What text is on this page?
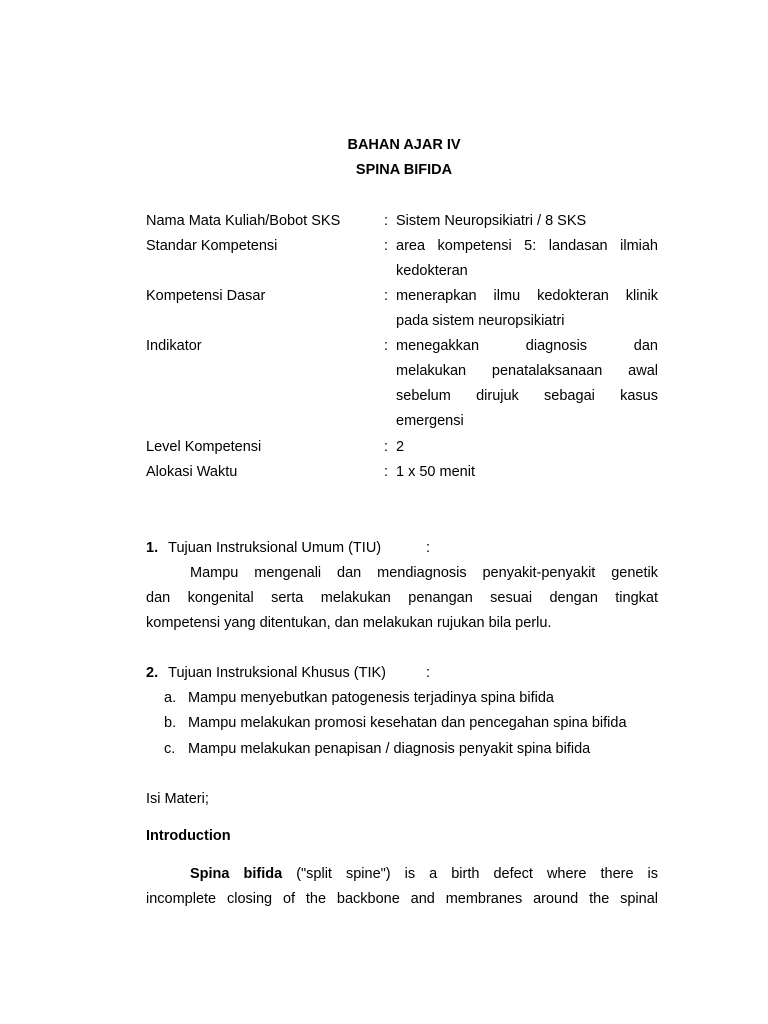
BAHAN AJAR IV
SPINA BIFIDA
Nama Mata Kuliah/Bobot SKS	: Sistem Neuropsikiatri / 8 SKS
Standar Kompetensi	: area kompetensi 5: landasan ilmiah
kedokteran
Kompetensi Dasar	: menerapkan ilmu kedokteran klinik
pada sistem neuropsikiatri
Indikator	: menegakkan diagnosis dan
melakukan penatalaksanaan awal
sebelum dirujuk sebagai kasus
emergensi
Level Kompetensi	: 2
Alokasi Waktu	: 1 x 50 menit
1. Tujuan Instruksional Umum (TIU)	:
Mampu mengenali dan mendiagnosis penyakit-penyakit genetik
dan kongenital serta melakukan penangan sesuai dengan tingkat
kompetensi yang ditentukan, dan melakukan rujukan bila perlu.
2. Tujuan Instruksional Khusus (TIK)	:
a. Mampu menyebutkan patogenesis terjadinya spina bifida
b. Mampu melakukan promosi kesehatan dan pencegahan spina bifida
c. Mampu melakukan penapisan / diagnosis penyakit spina bifida
Isi Materi;
Introduction
Spina bifida ("split spine") is a birth defect where there is
incomplete closing of the backbone and membranes around the spinal
